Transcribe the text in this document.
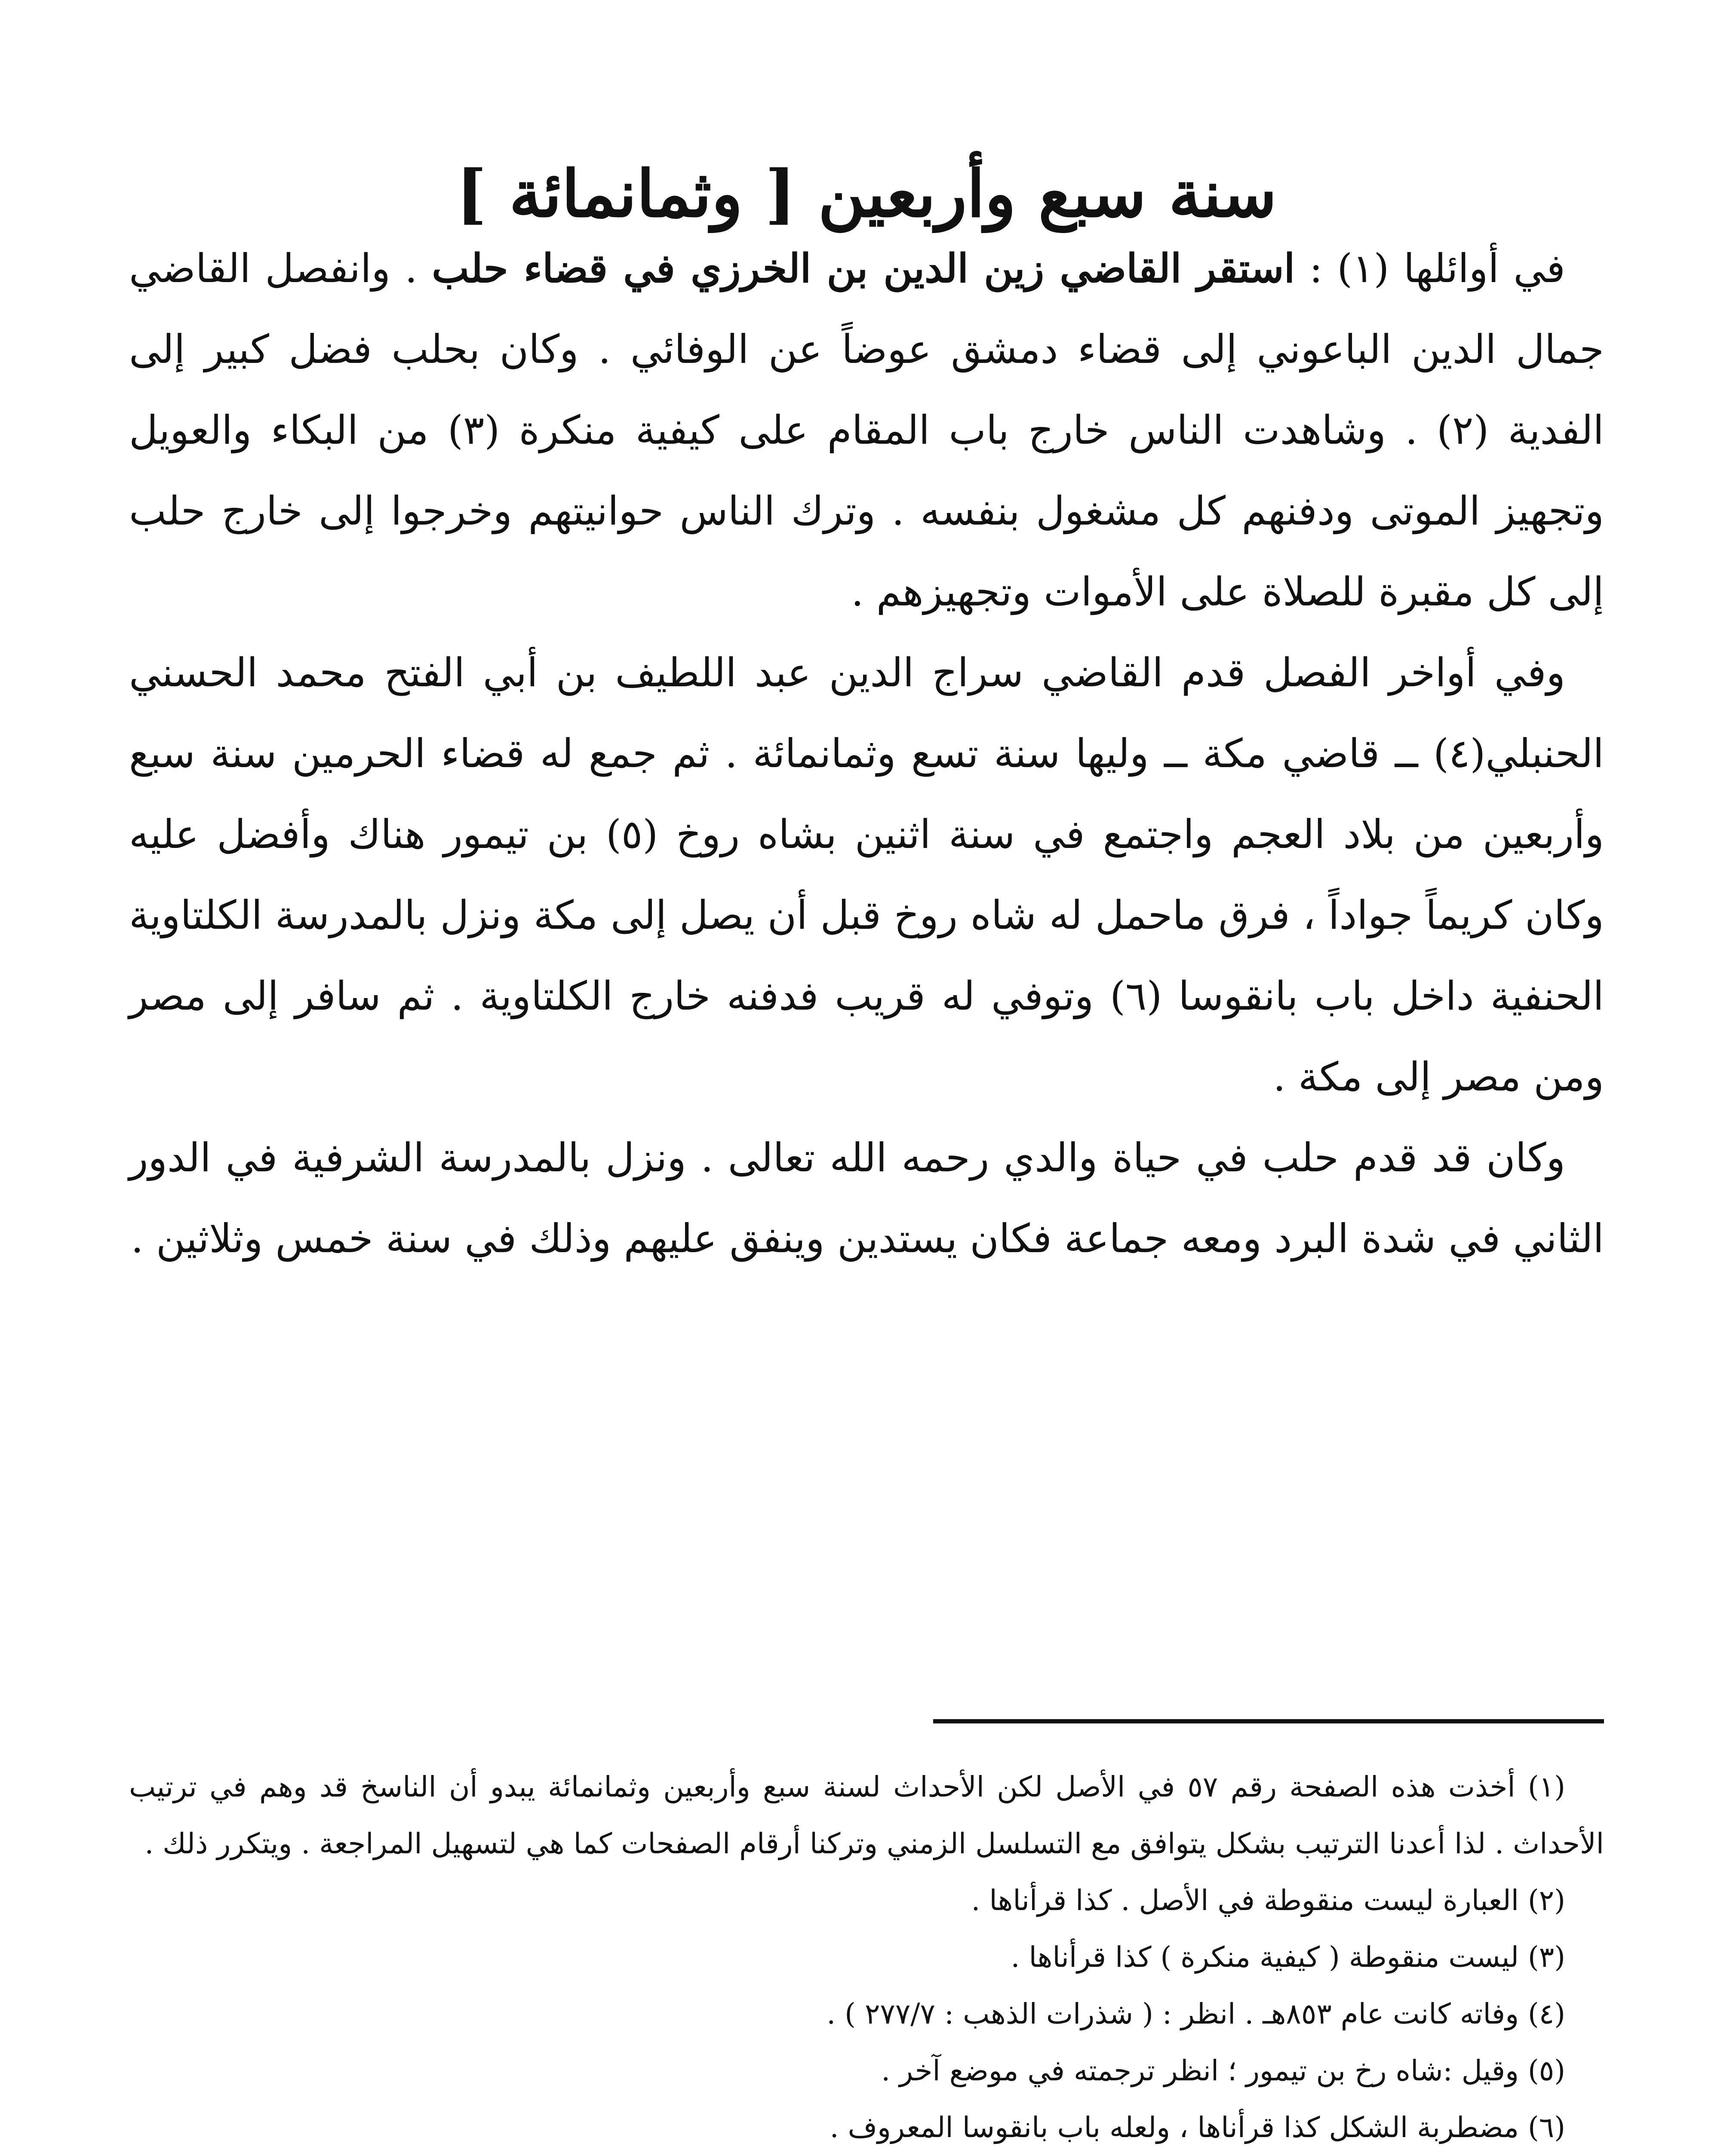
سنة سبع وأربعين [ وثمانمائة ]

في أوائلها (١) : استقر القاضي زين الدين بن الخرزي في قضاء حلب . وانفصل القاضي جمال الدين الباعوني إلى قضاء دمشق عوضاً عن الوفائي . وكان بحلب فضل كبير إلى الفدية (٢) . وشاهدت الناس خارج باب المقام على كيفية منكرة (٣) من البكاء والعويل وتجهيز الموتى ودفنهم كل مشغول بنفسه . وترك الناس حوانيتهم وخرجوا إلى خارج حلب إلى كل مقبرة للصلاة على الأموات وتجهيزهم .

وفي أواخر الفصل قدم القاضي سراج الدين عبد اللطيف بن أبي الفتح محمد الحسني الحنبلي(٤) ــ قاضي مكة ــ وليها سنة تسع وثمانمائة . ثم جمع له قضاء الحرمين سنة سبع وأربعين من بلاد العجم واجتمع في سنة اثنين بشاه روخ (٥) بن تيمور هناك وأفضل عليه وكان كريماً جواداً ، فرق ماحمل له شاه روخ قبل أن يصل إلى مكة ونزل بالمدرسة الكلتاوية الحنفية داخل باب بانقوسا (٦) وتوفي له قريب فدفنه خارج الكلتاوية . ثم سافر إلى مصر ومن مصر إلى مكة .

وكان قد قدم حلب في حياة والدي رحمه الله تعالى . ونزل بالمدرسة الشرفية في الدور الثاني في شدة البرد ومعه جماعة فكان يستدين وينفق عليهم وذلك في سنة خمس وثلاثين .

(١) أخذت هذه الصفحة رقم ٥٧ في الأصل لكن الأحداث لسنة سبع وأربعين وثمانمائة يبدو أن الناسخ قد وهم في ترتيب الأحداث . لذا أعدنا الترتيب بشكل يتوافق مع التسلسل الزمني وتركنا أرقام الصفحات كما هي لتسهيل المراجعة . ويتكرر ذلك .

(٢) العبارة ليست منقوطة في الأصل . كذا قرأناها .

(٣) ليست منقوطة ( كيفية منكرة ) كذا قرأناها .

(٤) وفاته كانت عام ٨٥٣هـ . انظر : ( شذرات الذهب : ٢٧٧/٧ ) .

(٥) وقيل :شاه رخ بن تيمور ؛ انظر ترجمته في موضع آخر .

(٦) مضطربة الشكل كذا قرأناها ، ولعله باب بانقوسا المعروف .
